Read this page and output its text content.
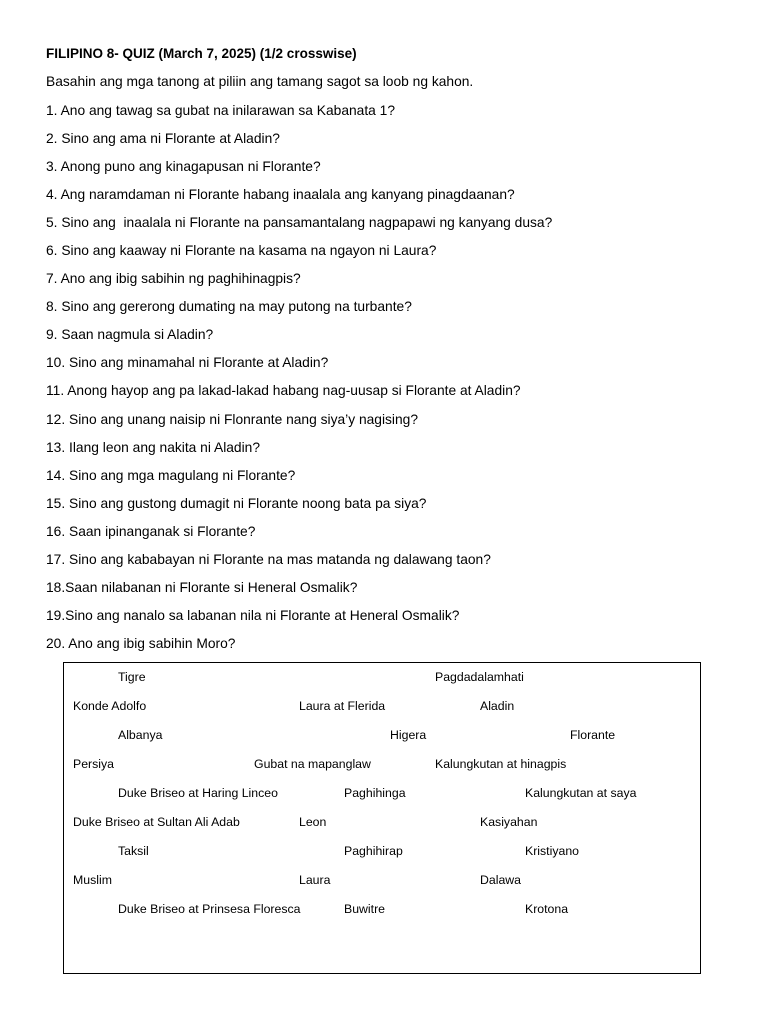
FILIPINO 8- QUIZ (March 7, 2025) (1/2 crosswise)
Basahin ang mga tanong at piliin ang tamang sagot sa loob ng kahon.
1. Ano ang tawag sa gubat na inilarawan sa Kabanata 1?
2. Sino ang ama ni Florante at Aladin?
3. Anong puno ang kinagapusan ni Florante?
4. Ang naramdaman ni Florante habang inaalala ang kanyang pinagdaanan?
5. Sino ang  inaalala ni Florante na pansamantalang nagpapawi ng kanyang dusa?
6. Sino ang kaaway ni Florante na kasama na ngayon ni Laura?
7. Ano ang ibig sabihin ng paghihinagpis?
8. Sino ang gererong dumating na may putong na turbante?
9. Saan nagmula si Aladin?
10. Sino ang minamahal ni Florante at Aladin?
11. Anong hayop ang pa lakad-lakad habang nag-uusap si Florante at Aladin?
12. Sino ang unang naisip ni Flonrante nang siya’y nagising?
13. Ilang leon ang nakita ni Aladin?
14. Sino ang mga magulang ni Florante?
15. Sino ang gustong dumagit ni Florante noong bata pa siya?
16. Saan ipinanganak si Florante?
17. Sino ang kababayan ni Florante na mas matanda ng dalawang taon?
18.Saan nilabanan ni Florante si Heneral Osmalik?
19.Sino ang nanalo sa labanan nila ni Florante at Heneral Osmalik?
20. Ano ang ibig sabihin Moro?
Tigre	Pagdadalamhati
Konde Adolfo	Laura at Flerida	Aladin
Albanya	Higera	Florante
Persiya	Gubat na mapanglaw	Kalungkutan at hinagpis
Duke Briseo at Haring Linceo	Paghihinga	Kalungkutan at saya
Duke Briseo at Sultan Ali Adab	Leon	Kasiyahan
Taksil	Paghihirap	Kristiyano
Muslim	Laura	Dalawa
Duke Briseo at Prinsesa Floresca	Buwitre	Krotona
